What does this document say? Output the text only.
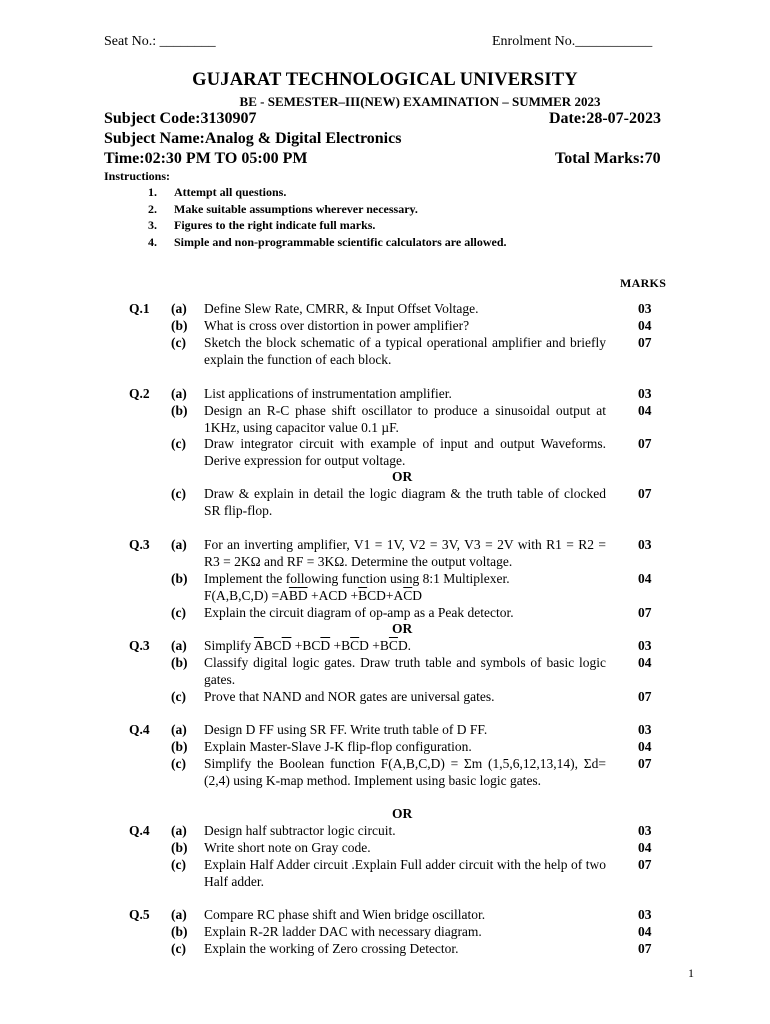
Seat No.: ________	Enrolment No.___________
GUJARAT TECHNOLOGICAL UNIVERSITY
BE - SEMESTER–III(NEW) EXAMINATION – SUMMER 2023
Subject Code:3130907	Date:28-07-2023
Subject Name:Analog & Digital Electronics
Time:02:30 PM TO 05:00 PM	Total Marks:70
Instructions:
1. Attempt all questions.
2. Make suitable assumptions wherever necessary.
3. Figures to the right indicate full marks.
4. Simple and non-programmable scientific calculators are allowed.
MARKS
Q.1 (a) Define Slew Rate, CMRR, & Input Offset Voltage.	03
(b) What is cross over distortion in power amplifier?	04
(c) Sketch the block schematic of a typical operational amplifier and briefly explain the function of each block.
07
Q.2 (a) List applications of instrumentation amplifier.	03
(b) Design an R-C phase shift oscillator to produce a sinusoidal output at 1KHz, using capacitor value 0.1 µF.
04
(c) Draw integrator circuit with example of input and output Waveforms. Derive expression for output voltage.
07
OR
(c) Draw & explain in detail the logic diagram & the truth table of clocked SR flip-flop.
07
Q.3 (a) For an inverting amplifier, V1 = 1V, V2 = 3V, V3 = 2V with R1 = R2 = R3 = 2KΩ and RF = 3KΩ. Determine the output voltage.
03
(b) Implement the following function using 8:1 Multiplexer.
$F(A,B,C,D) =A\overline{B}\overline{D} +ACD +\overline{B}CD+A\overline{C}D$
04
(c) Explain the circuit diagram of op-amp as a Peak detector.	07
OR
Q.3 (a) Simplify $\overline{A}BC\overline{D} +BC\overline{D} +B\overline{C}D +B\overline{C}D$.	03
(b) Classify digital logic gates. Draw truth table and symbols of basic logic gates.
04
(c) Prove that NAND and NOR gates are universal gates.	07
Q.4 (a) Design D FF using SR FF. Write truth table of D FF.	03
(b) Explain Master-Slave J-K flip-flop configuration.	04
(c) Simplify the Boolean function F(A,B,C,D) = Σm (1,5,6,12,13,14), Σd=(2,4) using K-map method. Implement using basic logic gates.
07
OR
Q.4 (a) Design half subtractor logic circuit.	03
(b) Write short note on Gray code.	04
(c) Explain Half Adder circuit .Explain Full adder circuit with the help of two Half adder.
07
Q.5 (a) Compare RC phase shift and Wien bridge oscillator.	03
(b) Explain R-2R ladder DAC with necessary diagram.	04
(c) Explain the working of Zero crossing Detector.	07
1
